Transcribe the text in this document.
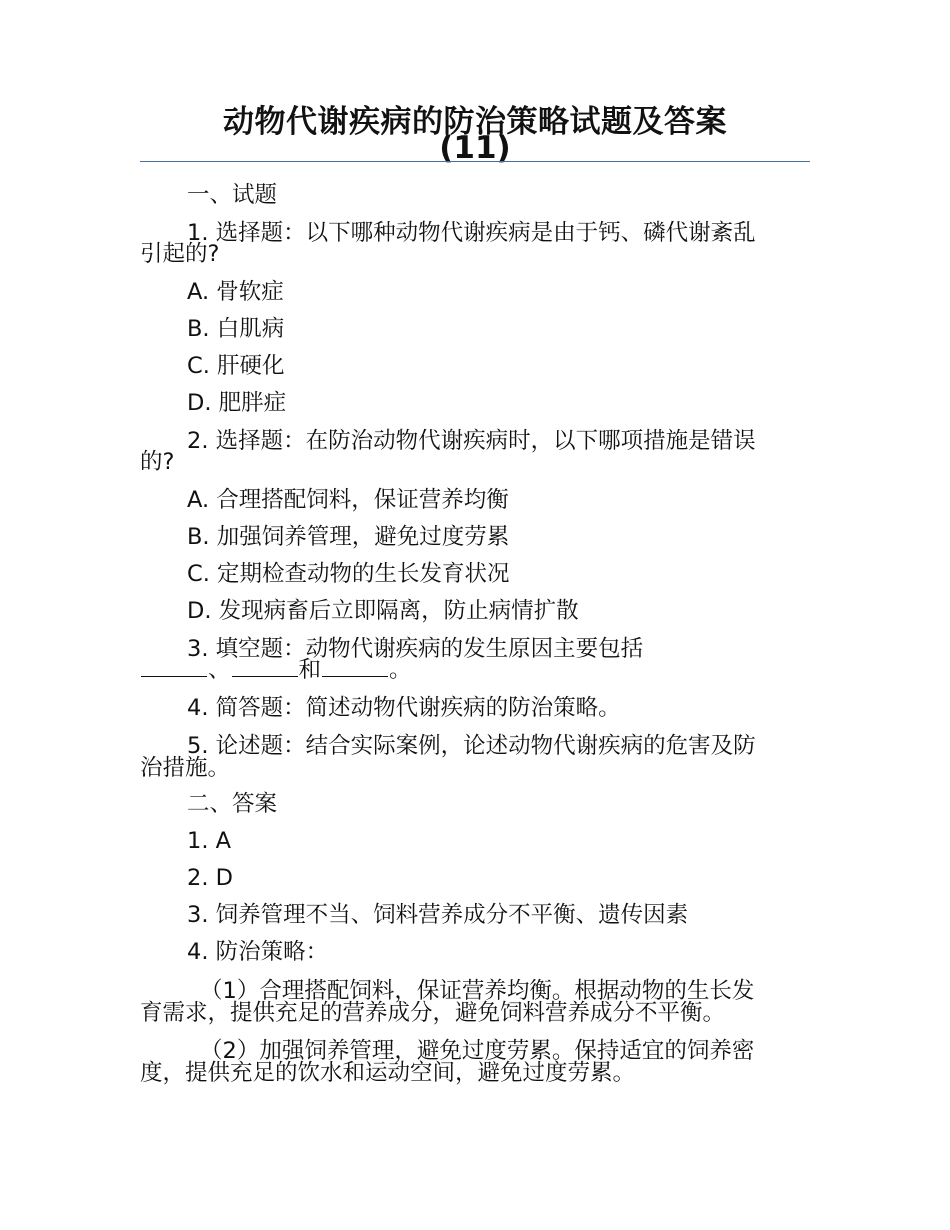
动物代谢疾病的防治策略试题及答案
(11)
一、试题
1. 选择题：以下哪种动物代谢疾病是由于钙、磷代谢紊乱
引起的?
A. 骨软症
B. 白肌病
C. 肝硬化
D. 肥胖症
2. 选择题：在防治动物代谢疾病时，以下哪项措施是错误
的?
A. 合理搭配饲料，保证营养均衡
B. 加强饲养管理，避免过度劳累
C. 定期检查动物的生长发育状况
D. 发现病畜后立即隔离，防止病情扩散
3. 填空题：动物代谢疾病的发生原因主要包括
、	和	。
4. 简答题：简述动物代谢疾病的防治策略。
5. 论述题：结合实际案例，论述动物代谢疾病的危害及防
治措施。
二、答案
1. A
2. D
3. 饲养管理不当、饲料营养成分不平衡、遗传因素
4. 防治策略：
（1）合理搭配饲料，保证营养均衡。根据动物的生长发
育需求，提供充足的营养成分，避免饲料营养成分不平衡。
（2）加强饲养管理，避免过度劳累。保持适宜的饲养密
度，提供充足的饮水和运动空间，避免过度劳累。
